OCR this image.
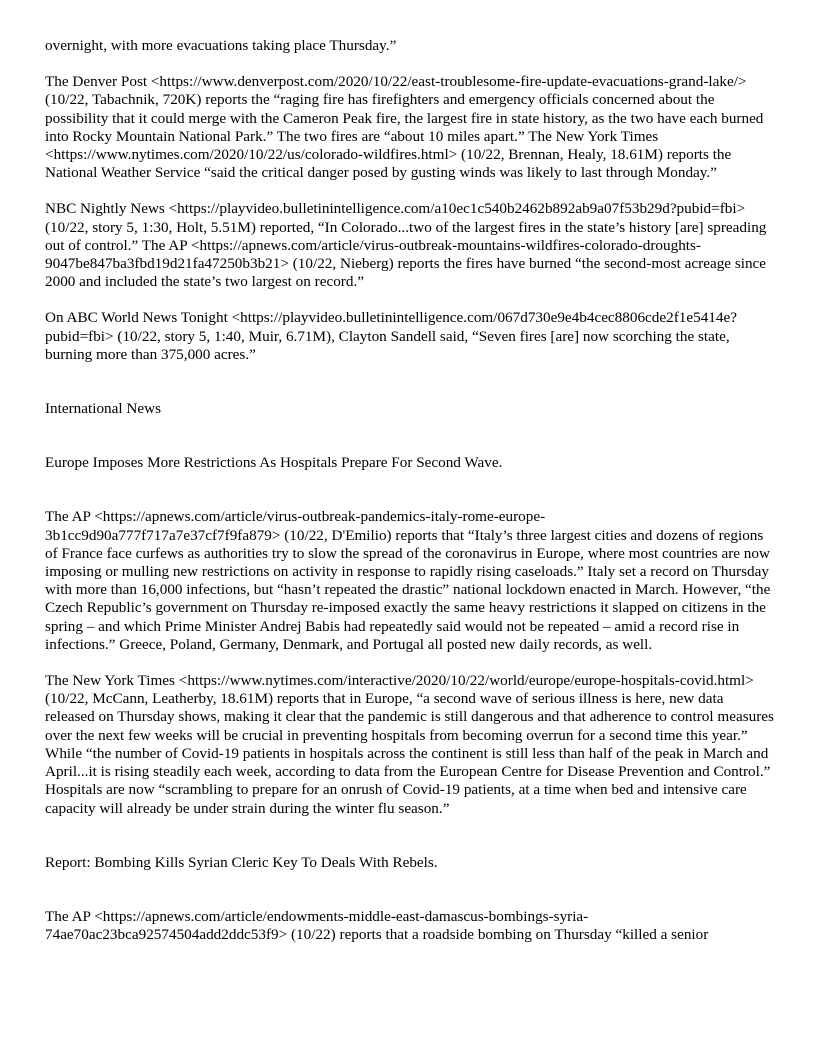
overnight, with more evacuations taking place Thursday.”

The Denver Post <https://www.denverpost.com/2020/10/22/east-troublesome-fire-update-evacuations-grand-lake/> (10/22, Tabachnik, 720K) reports the “raging fire has firefighters and emergency officials concerned about the possibility that it could merge with the Cameron Peak fire, the largest fire in state history, as the two have each burned into Rocky Mountain National Park.” The two fires are “about 10 miles apart.” The New York Times <https://www.nytimes.com/2020/10/22/us/colorado-wildfires.html> (10/22, Brennan, Healy, 18.61M) reports the National Weather Service “said the critical danger posed by gusting winds was likely to last through Monday.”

NBC Nightly News <https://playvideo.bulletinintelligence.com/a10ec1c540b2462b892ab9a07f53b29d?pubid=fbi> (10/22, story 5, 1:30, Holt, 5.51M) reported, “In Colorado...two of the largest fires in the state’s history [are] spreading out of control.” The AP <https://apnews.com/article/virus-outbreak-mountains-wildfires-colorado-droughts-9047be847ba3fbd19d21fa47250b3b21> (10/22, Nieberg) reports the fires have burned “the second-most acreage since 2000 and included the state’s two largest on record.”

On ABC World News Tonight <https://playvideo.bulletinintelligence.com/067d730e9e4b4cec8806cde2f1e5414e?pubid=fbi> (10/22, story 5, 1:40, Muir, 6.71M), Clayton Sandell said, “Seven fires [are] now scorching the state, burning more than 375,000 acres.”

International News

Europe Imposes More Restrictions As Hospitals Prepare For Second Wave.

The AP <https://apnews.com/article/virus-outbreak-pandemics-italy-rome-europe-3b1cc9d90a777f717a7e37cf7f9fa879> (10/22, D'Emilio) reports that “Italy’s three largest cities and dozens of regions of France face curfews as authorities try to slow the spread of the coronavirus in Europe, where most countries are now imposing or mulling new restrictions on activity in response to rapidly rising caseloads.” Italy set a record on Thursday with more than 16,000 infections, but “hasn’t repeated the drastic” national lockdown enacted in March. However, “the Czech Republic’s government on Thursday re-imposed exactly the same heavy restrictions it slapped on citizens in the spring – and which Prime Minister Andrej Babis had repeatedly said would not be repeated – amid a record rise in infections.” Greece, Poland, Germany, Denmark, and Portugal all posted new daily records, as well.

The New York Times <https://www.nytimes.com/interactive/2020/10/22/world/europe/europe-hospitals-covid.html> (10/22, McCann, Leatherby, 18.61M) reports that in Europe, “a second wave of serious illness is here, new data released on Thursday shows, making it clear that the pandemic is still dangerous and that adherence to control measures over the next few weeks will be crucial in preventing hospitals from becoming overrun for a second time this year.” While “the number of Covid-19 patients in hospitals across the continent is still less than half of the peak in March and April...it is rising steadily each week, according to data from the European Centre for Disease Prevention and Control.” Hospitals are now “scrambling to prepare for an onrush of Covid-19 patients, at a time when bed and intensive care capacity will already be under strain during the winter flu season.”

Report: Bombing Kills Syrian Cleric Key To Deals With Rebels.

The AP <https://apnews.com/article/endowments-middle-east-damascus-bombings-syria-74ae70ac23bca92574504add2ddc53f9> (10/22) reports that a roadside bombing on Thursday “killed a senior
